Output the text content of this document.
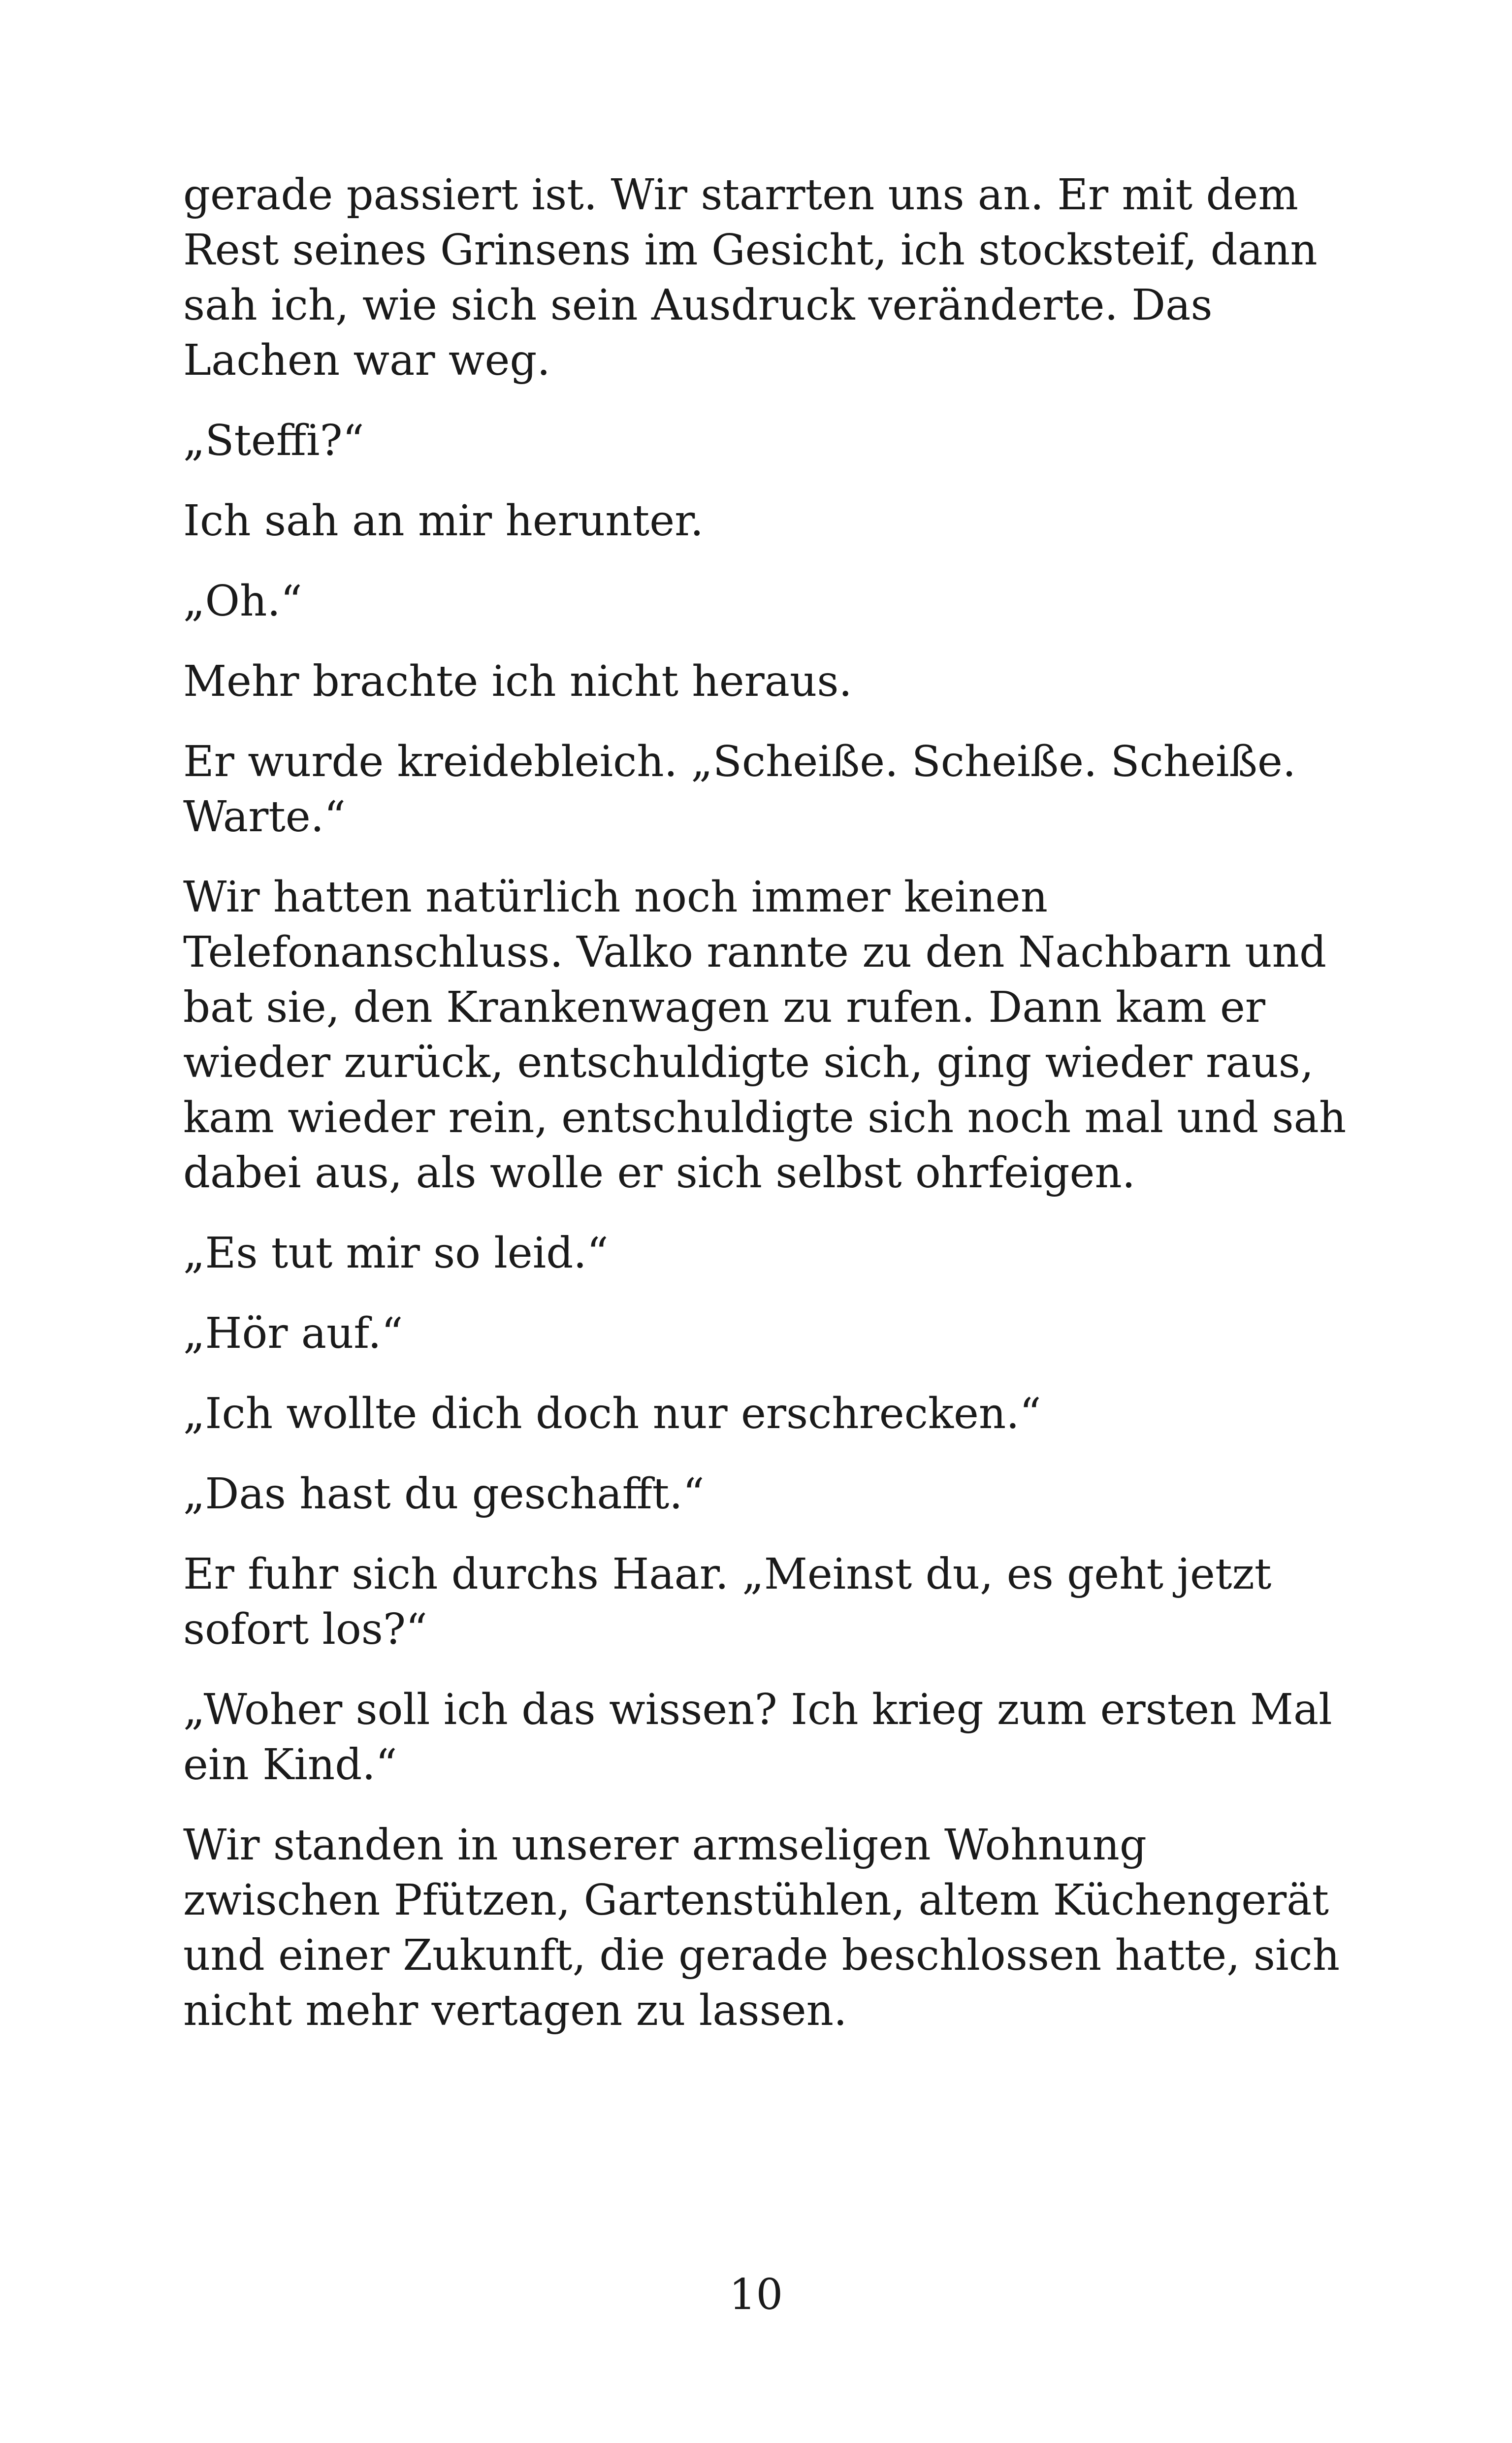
gerade passiert ist. Wir starrten uns an. Er mit dem Rest seines Grinsens im Gesicht, ich stocksteif, dann sah ich, wie sich sein Ausdruck veränderte. Das Lachen war weg.

„Steffi?“

Ich sah an mir herunter.

„Oh.“

Mehr brachte ich nicht heraus.

Er wurde kreidebleich. „Scheiße. Scheiße. Scheiße. Warte.“

Wir hatten natürlich noch immer keinen Telefonanschluss. Valko rannte zu den Nachbarn und bat sie, den Krankenwagen zu rufen. Dann kam er wieder zurück, entschuldigte sich, ging wieder raus, kam wieder rein, entschuldigte sich noch mal und sah dabei aus, als wolle er sich selbst ohrfeigen.

„Es tut mir so leid.“

„Hör auf.“

„Ich wollte dich doch nur erschrecken.“

„Das hast du geschafft.“

Er fuhr sich durchs Haar. „Meinst du, es geht jetzt sofort los?“

„Woher soll ich das wissen? Ich krieg zum ersten Mal ein Kind.“

Wir standen in unserer armseligen Wohnung zwischen Pfützen, Gartenstühlen, altem Küchengerät und einer Zukunft, die gerade beschlossen hatte, sich nicht mehr vertagen zu lassen.

10
